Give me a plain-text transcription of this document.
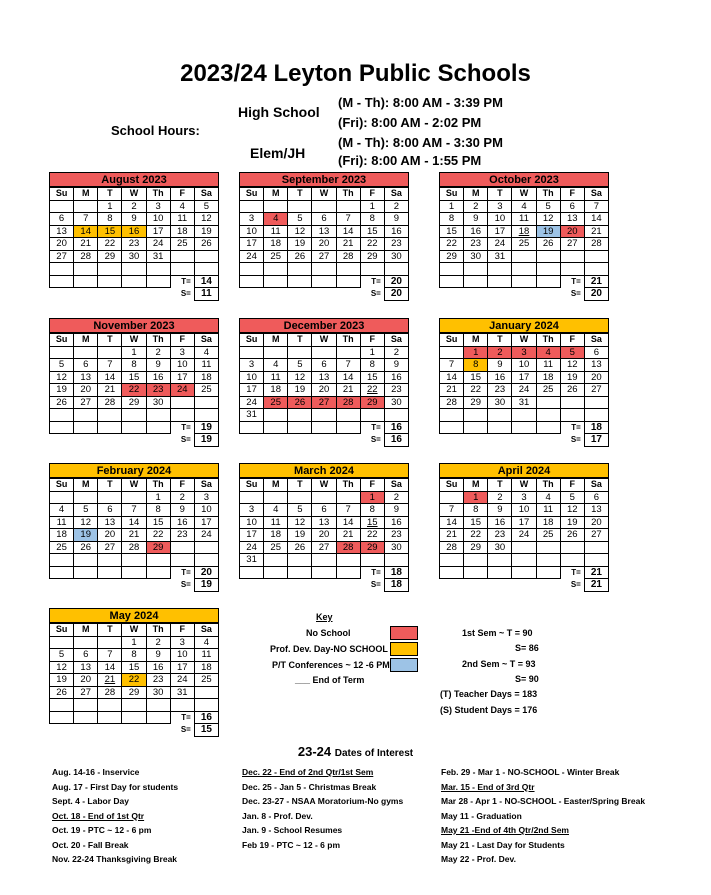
2023/24 Leyton Public Schools
School Hours:
High School
Elem/JH
(M - Th): 8:00 AM - 3:39 PM
(Fri): 8:00 AM - 2:02 PM
(M - Th): 8:00 AM - 3:30 PM
(Fri): 8:00 AM - 1:55 PM
August 2023
Su	M	T	W	Th	F	Sa
		1	2	3	4	5
6	7	8	9	10	11	12
13	14	15	16	17	18	19
20	21	22	23	24	25	26
27	28	29	30	31		

					T=	14
					S=	11
September 2023
Su	M	T	W	Th	F	Sa
					1	2
3	4	5	6	7	8	9
10	11	12	13	14	15	16
17	18	19	20	21	22	23
24	25	26	27	28	29	30

					T=	20
					S=	20
October 2023
Su	M	T	W	Th	F	Sa
1	2	3	4	5	6	7
8	9	10	11	12	13	14
15	16	17	18	19	20	21
22	23	24	25	26	27	28
29	30	31				

					T=	21
					S=	20
November 2023
Su	M	T	W	Th	F	Sa
			1	2	3	4
5	6	7	8	9	10	11
12	13	14	15	16	17	18
19	20	21	22	23	24	25
26	27	28	29	30		

					T=	19
					S=	19
December 2023
Su	M	T	W	Th	F	Sa
					1	2
3	4	5	6	7	8	9
10	11	12	13	14	15	16
17	18	19	20	21	22	23
24	25	26	27	28	29	30
31						
					T=	16
					S=	16
January 2024
Su	M	T	W	Th	F	Sa
	1	2	3	4	5	6
7	8	9	10	11	12	13
14	15	16	17	18	19	20
21	22	23	24	25	26	27
28	29	30	31			

					T=	18
					S=	17
February 2024
Su	M	T	W	Th	F	Sa
				1	2	3
4	5	6	7	8	9	10
11	12	13	14	15	16	17
18	19	20	21	22	23	24
25	26	27	28	29		

					T=	20
					S=	19
March 2024
Su	M	T	W	Th	F	Sa
					1	2
3	4	5	6	7	8	9
10	11	12	13	14	15	16
17	18	19	20	21	22	23
24	25	26	27	28	29	30
31						
					T=	18
					S=	18
April 2024
Su	M	T	W	Th	F	Sa
	1	2	3	4	5	6
7	8	9	10	11	12	13
14	15	16	17	18	19	20
21	22	23	24	25	26	27
28	29	30				

					T=	21
					S=	21
May 2024
Su	M	T	W	Th	F	Sa
			1	2	3	4
5	6	7	8	9	10	11
12	13	14	15	16	17	18
19	20	21	22	23	24	25
26	27	28	29	30	31	

					T=	16
					S=	15
Key
No School
Prof. Dev. Day-NO SCHOOL
P/T Conferences ~ 12 -6 PM
___ End of Term
1st Sem ~ T = 90
S= 86
2nd Sem ~ T = 93
S= 90
(T) Teacher Days = 183
(S) Student Days = 176
23-24 Dates of Interest
Aug. 14-16 - Inservice
Aug. 17 - First Day for students
Sept. 4 - Labor Day
Oct. 18 - End of 1st Qtr
Oct. 19 - PTC ~ 12 - 6 pm
Oct. 20 - Fall Break
Nov. 22-24 Thanksgiving Break
Dec. 22 - End of 2nd Qtr/1st Sem
Dec. 25 - Jan 5 - Christmas Break
Dec. 23-27 - NSAA Moratorium-No gyms
Jan. 8 - Prof. Dev.
Jan. 9 - School Resumes
Feb 19 - PTC ~ 12 - 6 pm
Feb. 29 - Mar 1 - NO-SCHOOL - Winter Break
Mar. 15 - End of 3rd Qtr
Mar 28 - Apr 1 - NO-SCHOOL - Easter/Spring Break
May 11 - Graduation
May 21 -End of 4th Qtr/2nd Sem
May 21 - Last Day for Students
May 22 - Prof. Dev.
